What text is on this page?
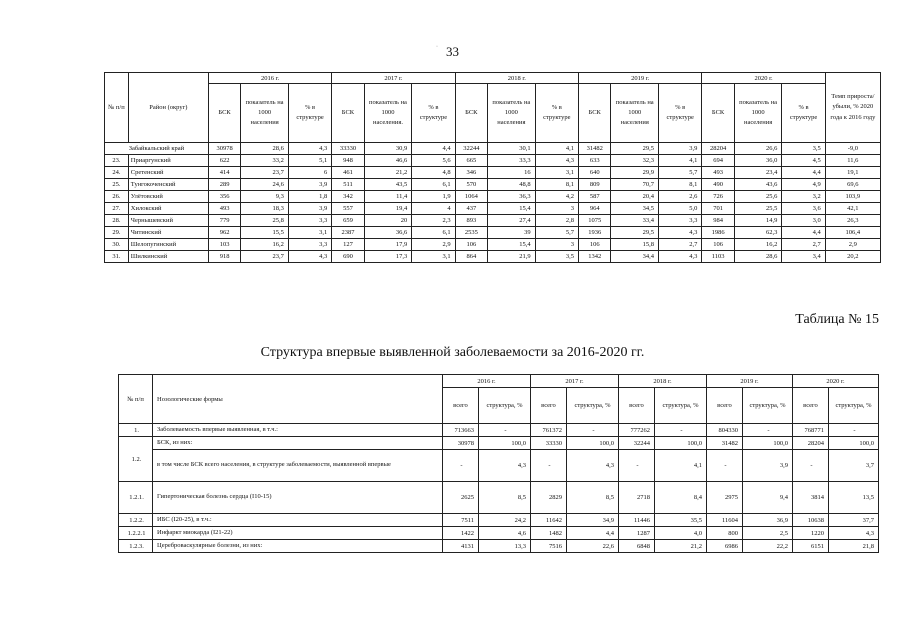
33
·
№ п/п	Район (округ)	2016 г.			2017 г.			2018 г.			2019 г.			2020 г.			Темп прироста/ убыли, % 2020 года к 2016 году
		БСК	показатель на 1000 населения	% в структуре	БСК	показатель на 1000 населения.	% в структуре	БСК	показатель на 1000 населения	% в структуре	БСК	показатель на 1000 населения	% в структуре	БСК	показатель на 1000 населения	% в структуре	
Забайкальский край		30978	28,6	4,3	33330	30,9	4,4	32244	30,1	4,1	31482	29,5	3,9	28204	26,6	3,5	-9,0
23.	Приаргунский	622	33,2	5,1	948	46,6	5,6	665	33,3	4,3	633	32,3	4,1	694	36,0	4,5	11,6
24.	Сретенский	414	23,7	6	461	21,2	4,8	346	16	3,1	640	29,9	5,7	493	23,4	4,4	19,1
25.	Тунгокоченский	289	24,6	3,9	511	43,5	6,1	570	48,8	8,1	809	70,7	8,1	490	43,6	4,9	69,6
26.	Улётовский	356	9,3	1,8	342	11,4	1,9	1064	36,3	4,2	587	20,4	2,6	726	25,6	3,2	103,9
27.	Хилокский	493	18,3	3,9	557	19,4	4	437	15,4	3	964	34,5	5,0	701	25,5	3,6	42,1
28.	Чернышевский	779	25,8	3,3	659	20	2,3	893	27,4	2,8	1075	33,4	3,3	984	14,9	3,0	26,3
29.	Читинский	962	15,5	3,1	2387	36,6	6,1	2535	39	5,7	1936	29,5	4,3	1986	62,3	4,4	106,4
30.	Шелопугинский	103	16,2	3,3	127	17,9	2,9	106	15,4	3	106	15,8	2,7	106	16,2	2,7	2,9
31.	Шилкинский	918	23,7	4,3	690	17,3	3,1	864	21,9	3,5	1342	34,4	4,3	1103	28,6	3,4	20,2
Таблица № 15
Структура впервые выявленной заболеваемости за 2016-2020 гг.
№ п/п	Нозологические формы	2016 г.		2017 г.		2018 г.		2019 г.		2020 г.	
		всего	структура, %	всего	структура, %	всего	структура, %	всего	структура, %	всего	структура, %
1.	Заболеваемость впервые выявленная, в т.ч.:	713663	-	761372	-	777262	-	804330	-	768771	-
1.2.	БСК, из них:	30978	100,0	33330	100,0	32244	100,0	31482	100,0	28204	100,0
	в том числе БСК всего населения, в структуре заболеваемости, выявленной впервые	-	4,3	-	4,3	-	4,1	-	3,9	-	3,7
1.2.1.	Гипертоническая болезнь сердца (I10-15)	2625	8,5	2829	8,5	2718	8,4	2975	9,4	3814	13,5
1.2.2.	ИБС (I20-25), в т.ч.:	7511	24,2	11642	34,9	11446	35,5	11604	36,9	10638	37,7
1.2.2.1	Инфаркт миокарда (I21-22)	1422	4,6	1482	4,4	1287	4,0	800	2,5	1220	4,3
1.2.3.	Цереброваскулярные болезни, из них:	4131	13,3	7516	22,6	6848	21,2	6986	22,2	6151	21,8
